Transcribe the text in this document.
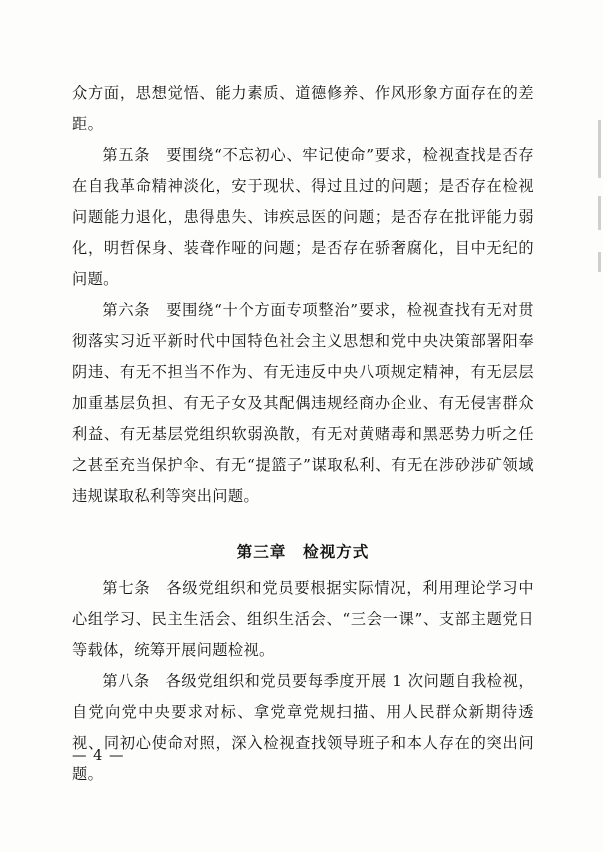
众方面，思想觉悟、能力素质、道德修养、作风形象方面存在的差距。

第五条　要围绕“不忘初心、牢记使命”要求，检视查找是否存在自我革命精神淡化，安于现状、得过且过的问题；是否存在检视问题能力退化，患得患失、讳疾忌医的问题；是否存在批评能力弱化，明哲保身、装聋作哑的问题；是否存在骄奢腐化，目中无纪的问题。

第六条　要围绕“十个方面专项整治”要求，检视查找有无对贯彻落实习近平新时代中国特色社会主义思想和党中央决策部署阳奉阴违、有无不担当不作为、有无违反中央八项规定精神，有无层层加重基层负担、有无子女及其配偶违规经商办企业、有无侵害群众利益、有无基层党组织软弱涣散，有无对黄赌毒和黑恶势力听之任之甚至充当保护伞、有无“提篮子”谋取私利、有无在涉砂涉矿领域违规谋取私利等突出问题。

第三章　检视方式

第七条　各级党组织和党员要根据实际情况，利用理论学习中心组学习、民主生活会、组织生活会、“三会一课”、支部主题党日等载体，统筹开展问题检视。

第八条　各级党组织和党员要每季度开展 1 次问题自我检视，自党向党中央要求对标、拿党章党规扫描、用人民群众新期待透视、同初心使命对照，深入检视查找领导班子和本人存在的突出问题。

— 4 —
